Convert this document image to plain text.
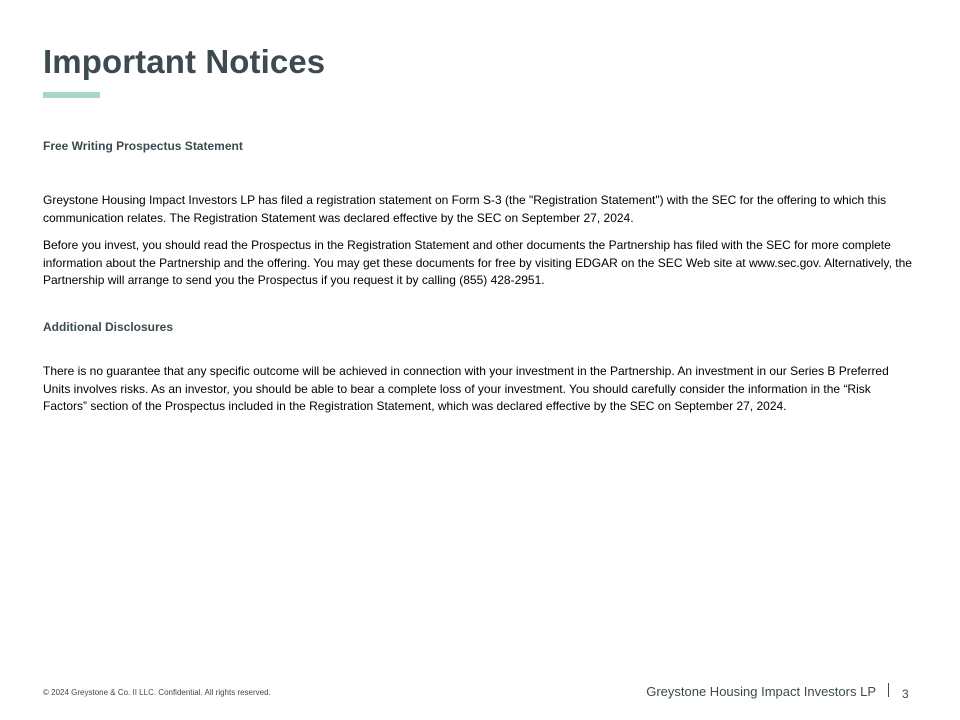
Important Notices
Free Writing Prospectus Statement

Greystone Housing Impact Investors LP has filed a registration statement on Form S-3 (the "Registration Statement") with the SEC for the offering to which this communication relates. The Registration Statement was declared effective by the SEC on September 27, 2024.

Before you invest, you should read the Prospectus in the Registration Statement and other documents the Partnership has filed with the SEC for more complete information about the Partnership and the offering. You may get these documents for free by visiting EDGAR on the SEC Web site at www.sec.gov. Alternatively, the Partnership will arrange to send you the Prospectus if you request it by calling (855) 428-2951.

Additional Disclosures

There is no guarantee that any specific outcome will be achieved in connection with your investment in the Partnership. An investment in our Series B Preferred Units involves risks. As an investor, you should be able to bear a complete loss of your investment. You should carefully consider the information in the “Risk Factors” section of the Prospectus included in the Registration Statement, which was declared effective by the SEC on September 27, 2024.

© 2024 Greystone & Co. II LLC. Confidential. All rights reserved.	Greystone Housing Impact Investors LP 3
